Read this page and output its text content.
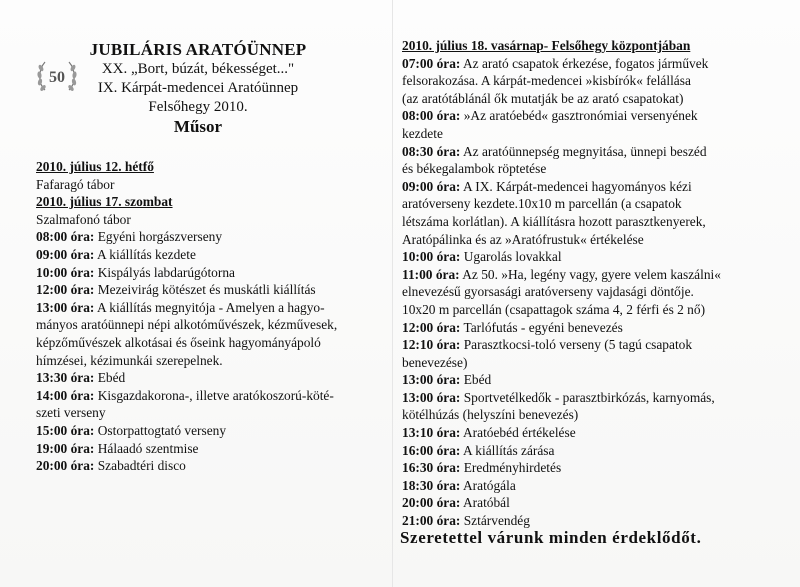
50
JUBILÁRIS ARATÓÜNNEP
XX. „Bort, búzát, békességet..."
IX. Kárpát-medencei Aratóünnep
Felsőhegy 2010.
Műsor
2010. július 12. hétfő
Fafaragó tábor
2010. július 17. szombat
Szalmafonó tábor
08:00 óra: Egyéni horgászverseny
09:00 óra: A kiállítás kezdete
10:00 óra: Kispályás labdarúgótorna
12:00 óra: Mezeivirág kötészet és muskátli kiállítás
13:00 óra: A kiállítás megnyitója - Amelyen a hagyo-
mányos aratóünnepi népi alkotóművészek, kézművesek,
képzőművészek alkotásai és őseink hagyományápoló
hímzései, kézimunkái szerepelnek.
13:30 óra: Ebéd
14:00 óra: Kisgazdakorona-, illetve aratókoszorú-köté-
szeti verseny
15:00 óra: Ostorpattogtató verseny
19:00 óra: Hálaadó szentmise
20:00 óra: Szabadtéri disco
2010. július 18. vasárnap- Felsőhegy központjában
07:00 óra: Az arató csapatok érkezése, fogatos járművek
felsorakozása. A kárpát-medencei »kisbírók« felállása
(az aratótáblánál ők mutatják be az arató csapatokat)
08:00 óra: »Az aratóebéd« gasztronómiai versenyének
kezdete
08:30 óra: Az aratóünnepség megnyitása, ünnepi beszéd
és békegalambok röptetése
09:00 óra: A IX. Kárpát-medencei hagyományos kézi
aratóverseny kezdete.10x10 m parcellán (a csapatok
létszáma korlátlan). A kiállításra hozott parasztkenyerek,
Aratópálinka és az »Aratófrustuk« értékelése
10:00 óra: Ugarolás lovakkal
11:00 óra: Az 50. »Ha, legény vagy, gyere velem kaszálni«
elnevezésű gyorsasági aratóverseny vajdasági döntője.
10x20 m parcellán (csapattagok száma 4, 2 férfi és 2 nő)
12:00 óra: Tarlófutás - egyéni benevezés
12:10 óra: Parasztkocsi-toló verseny (5 tagú csapatok
benevezése)
13:00 óra: Ebéd
13:00 óra: Sportvetélkedők - parasztbirkózás, karnyomás,
kötélhúzás (helyszíni benevezés)
13:10 óra: Aratóebéd értékelése
16:00 óra: A kiállítás zárása
16:30 óra: Eredményhirdetés
18:30 óra: Aratógála
20:00 óra: Aratóbál
21:00 óra: Sztárvendég
Szeretettel várunk minden érdeklődőt.
